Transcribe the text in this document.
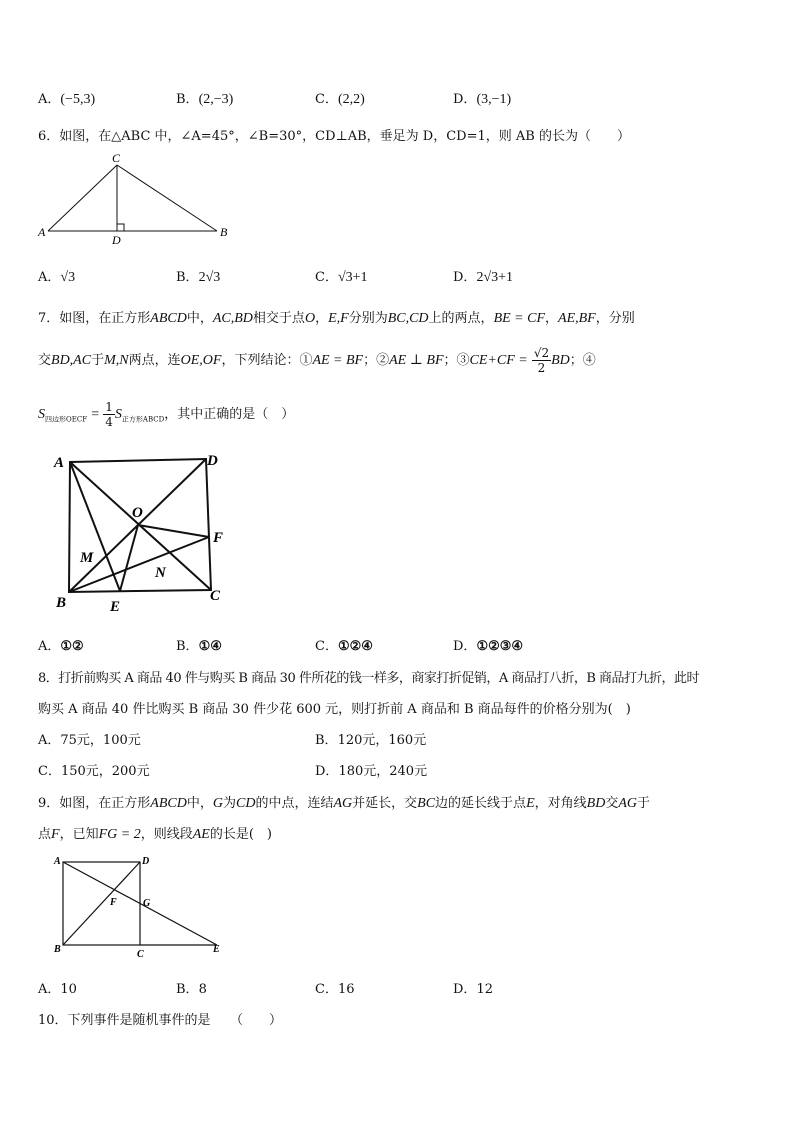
A．(−5,3)	B．(2,−3)	C．(2,2)	D．(3,−1)
6．如图，在△ABC 中，∠A=45°，∠B=30°，CD⊥AB，垂足为 D，CD=1，则 AB 的长为（　　）
C
A
D
B
A．√3	B．2√3	C．√3+1	D．2√3+1
7．如图，在正方形ABCD中，AC,BD相交于点O，E,F分别为BC,CD上的两点，BE = CF，AE,BF，分别
交BD,AC于M,N两点，连OE,OF，下列结论：①AE = BF；②AE ⊥ BF；③CE+CF = $\frac{√2}{2}$ BD；④
$S_{四边形OECF} = \frac{1}{4} S_{正方形ABCD}$，其中正确的是（　）
A	D
O
F
M
N
B	E
C
A．①②	B．①④	C．①②④	D．①②③④
8．打折前购买 A 商品 40 件与购买 B 商品 30 件所花的钱一样多，商家打折促销，A 商品打八折，B 商品打九折，此时
购买 A 商品 40 件比购买 B 商品 30 件少花 600 元，则打折前 A 商品和 B 商品每件的价格分别为(　)
A．75元，100元	B．120元，160元
C．150元，200元	D．180元，240元
9．如图，在正方形ABCD中，G为CD的中点，连结AG并延长，交BC边的延长线于点E，对角线BD交AG于
点F，已知FG = 2，则线段AE的长是(　)
A	D
F	G
B	C	E
A．10	B．8	C．16	D．12
10．下列事件是随机事件的是　　（　　）
